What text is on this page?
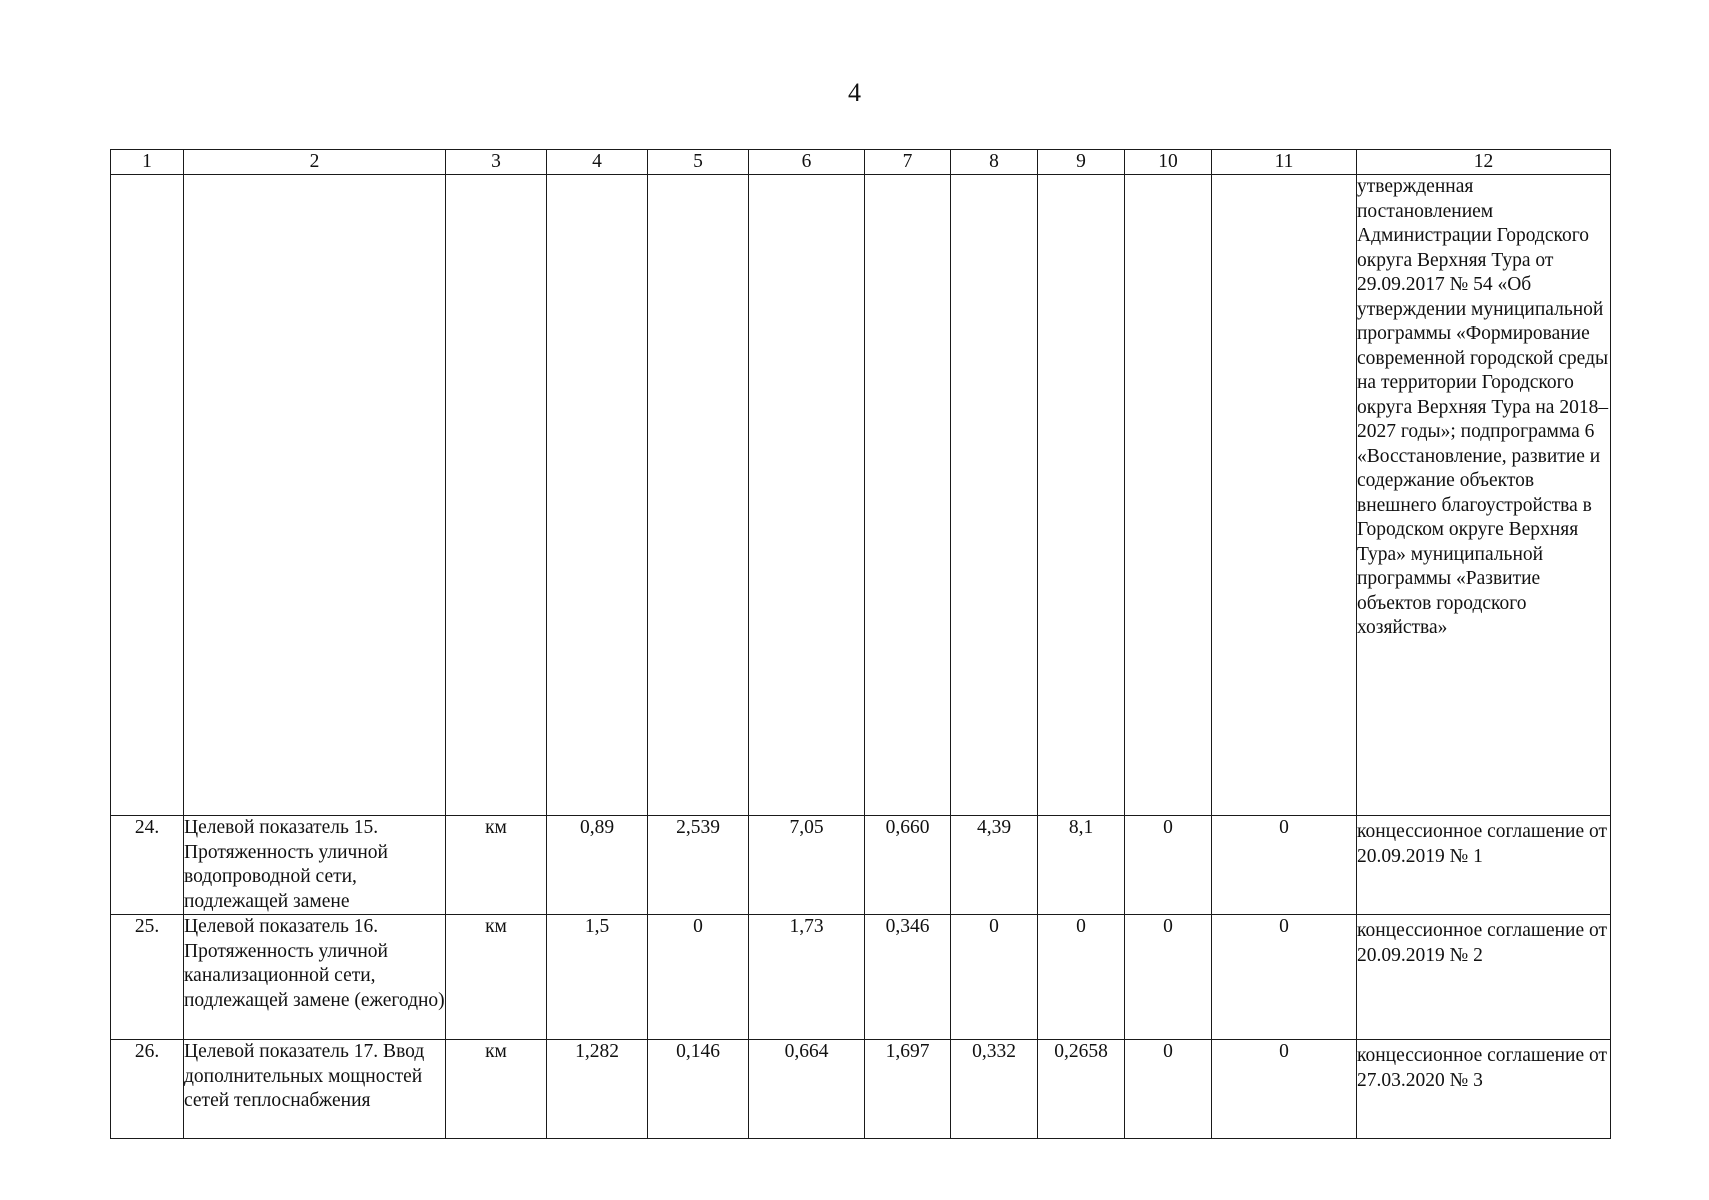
4
1	2	3	4	5	6	7	8	9	10	11	12

											утвержденная постановлением Администрации Городского округа Верхняя Тура от 29.09.2017 № 54 «Об утверждении муниципальной программы «Формирование современной городской среды на территории Городского округа Верхняя Тура на 2018–2027 годы»; подпрограмма 6 «Восстановление, развитие и содержание объектов внешнего благоустройства в Городском округе Верхняя Тура» муниципальной программы «Развитие объектов городского хозяйства»

24.	Целевой показатель 15. Протяженность уличной водопроводной сети, подлежащей замене	км	0,89	2,539	7,05	0,660	4,39	8,1	0	0	концессионное соглашение от 20.09.2019 № 1

25.	Целевой показатель 16. Протяженность уличной канализационной сети, подлежащей замене (ежегодно)	км	1,5	0	1,73	0,346	0	0	0	0	концессионное соглашение от 20.09.2019 № 2

26.	Целевой показатель 17. Ввод дополнительных мощностей сетей теплоснабжения	км	1,282	0,146	0,664	1,697	0,332	0,2658	0	0	концессионное соглашение от 27.03.2020 № 3
